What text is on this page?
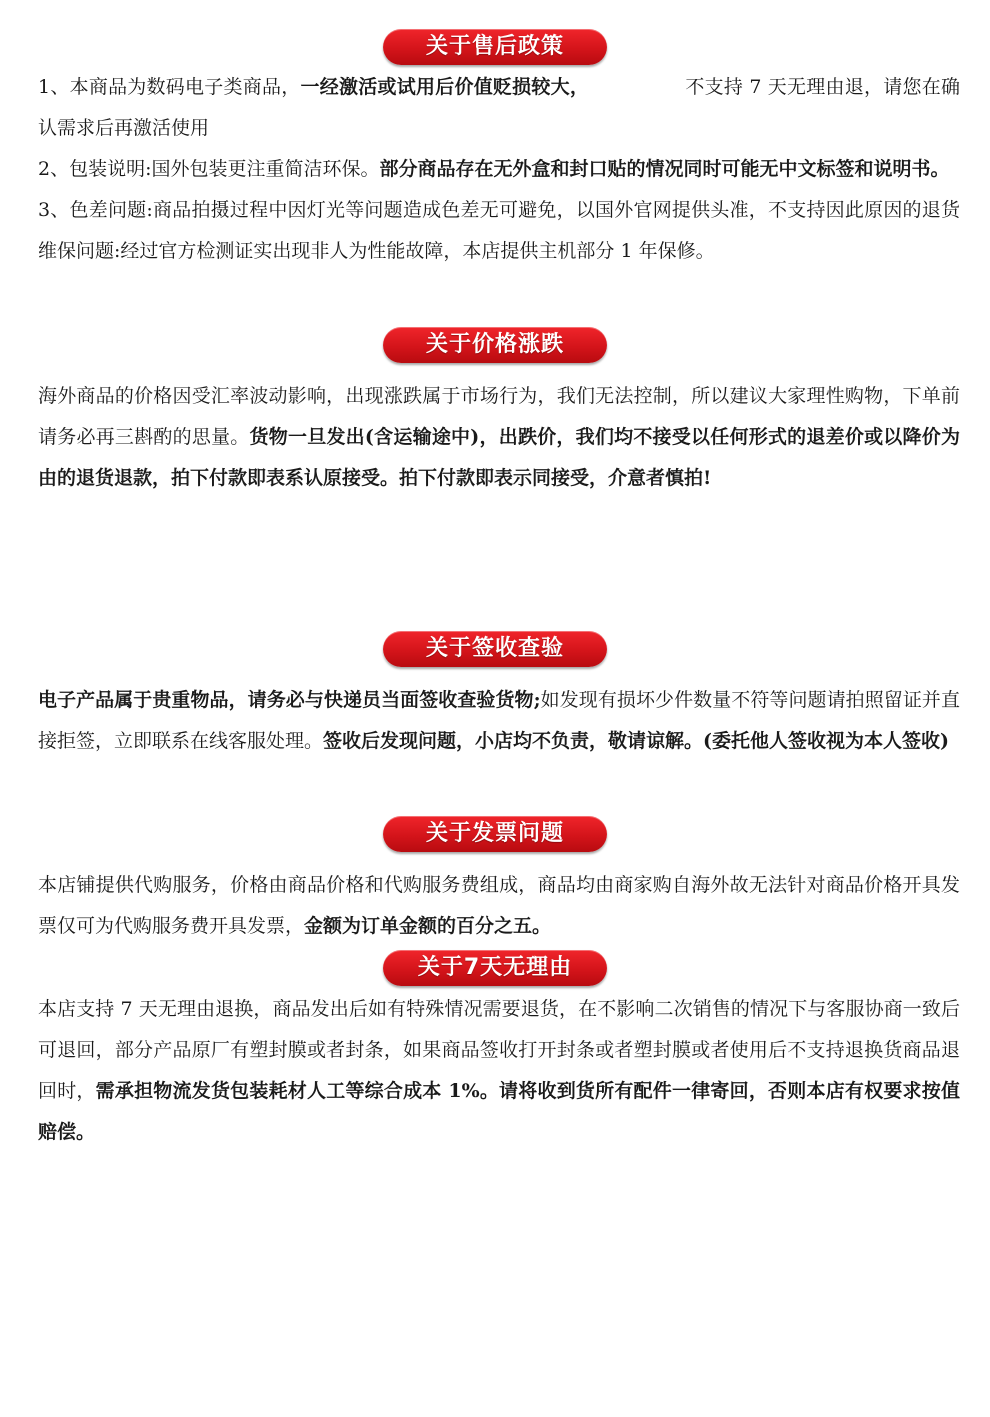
关于售后政策

1、本商品为数码电子类商品，一经激活或试用后价值贬损较大，	不支持 7 天无理由退，请您在确认需求后再激活使用

2、包装说明:国外包装更注重简洁环保。部分商品存在无外盒和封口贴的情况同时可能无中文标签和说明书。

3、色差问题:商品拍摄过程中因灯光等问题造成色差无可避免，以国外官网提供头准，不支持因此原因的退货维保问题:经过官方检测证实出现非人为性能故障，本店提供主机部分 1 年保修。

关于价格涨跌

海外商品的价格因受汇率波动影响，出现涨跌属于市场行为，我们无法控制，所以建议大家理性购物，下单前请务必再三斟酌的思量。货物一旦发出(含运输途中)，出跌价，我们均不接受以任何形式的退差价或以降价为由的退货退款，拍下付款即表系认原接受。拍下付款即表示同接受，介意者慎拍!

关于签收查验

电子产品属于贵重物品，请务必与快递员当面签收查验货物;如发现有损坏少件数量不符等问题请拍照留证并直接拒签，立即联系在线客服处理。签收后发现问题，小店均不负责，敬请谅解。(委托他人签收视为本人签收)

关于发票问题

本店铺提供代购服务，价格由商品价格和代购服务费组成，商品均由商家购自海外故无法针对商品价格开具发票仅可为代购服务费开具发票，金额为订单金额的百分之五。

关于7天无理由

本店支持 7 天无理由退换，商品发出后如有特殊情况需要退货，在不影响二次销售的情况下与客服协商一致后可退回，部分产品原厂有塑封膜或者封条，如果商品签收打开封条或者塑封膜或者使用后不支持退换货商品退回时，需承担物流发货包装耗材人工等综合成本 1%。请将收到货所有配件一律寄回，否则本店有权要求按值赔偿。
